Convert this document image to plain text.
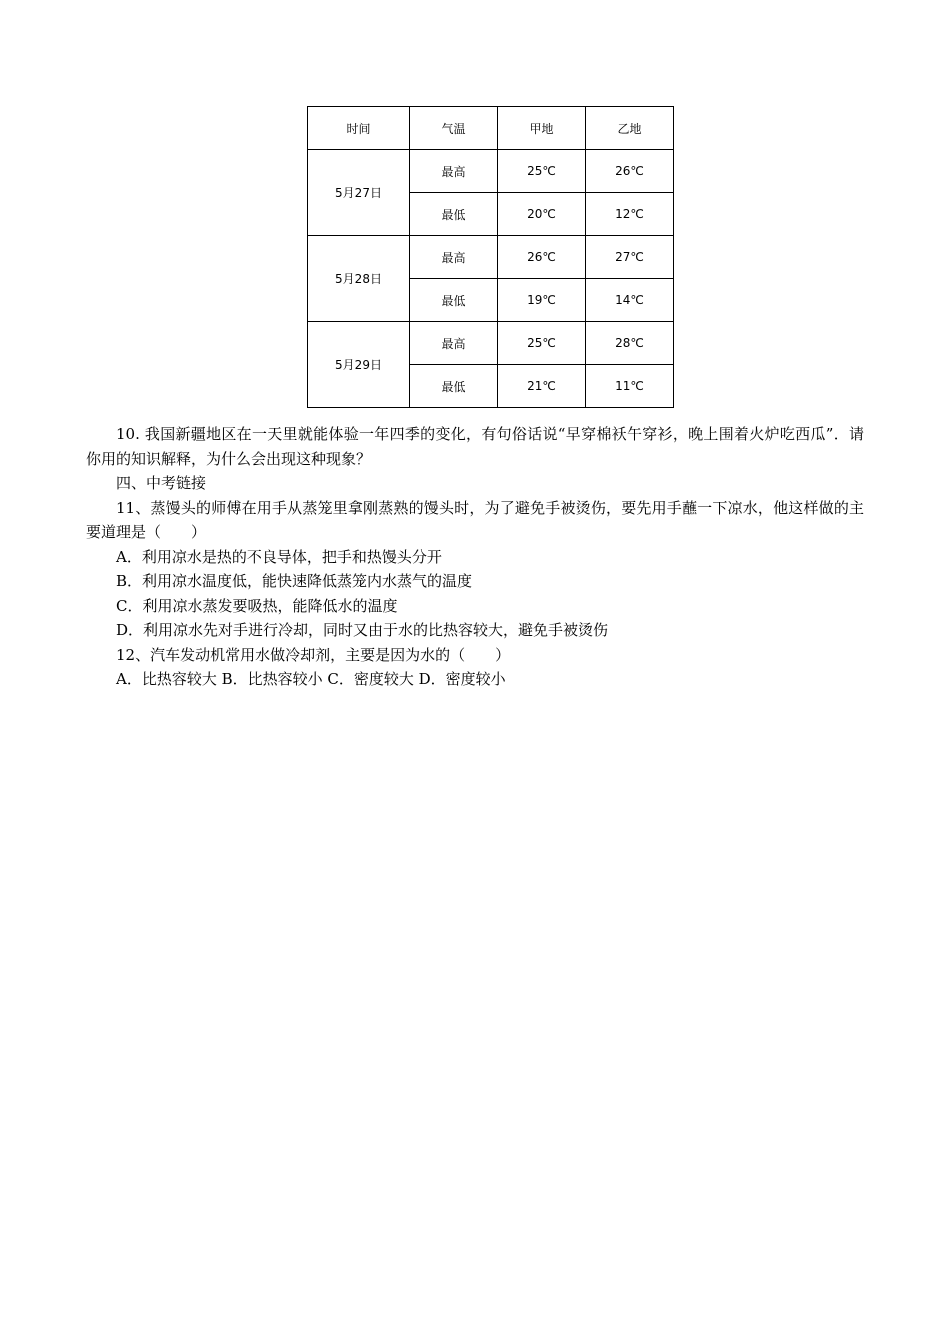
时间	气温	甲地	乙地
5月27日	最高	25℃	26℃
	最低	20℃	12℃
5月28日	最高	26℃	27℃
	最低	19℃	14℃
5月29日	最高	25℃	28℃
	最低	21℃	11℃

10. 我国新疆地区在一天里就能体验一年四季的变化，有句俗话说“早穿棉袄午穿衫，晚上围着火炉吃西瓜”．请你用的知识解释，为什么会出现这种现象？

四、中考链接

11、蒸馒头的师傅在用手从蒸笼里拿刚蒸熟的馒头时，为了避免手被烫伤，要先用手蘸一下凉水，他这样做的主要道理是（　　）

A．利用凉水是热的不良导体，把手和热馒头分开

B．利用凉水温度低，能快速降低蒸笼内水蒸气的温度

C．利用凉水蒸发要吸热，能降低水的温度

D．利用凉水先对手进行冷却，同时又由于水的比热容较大，避免手被烫伤

12、汽车发动机常用水做冷却剂，主要是因为水的（　　）

A．比热容较大 B．比热容较小 C．密度较大 D．密度较小
